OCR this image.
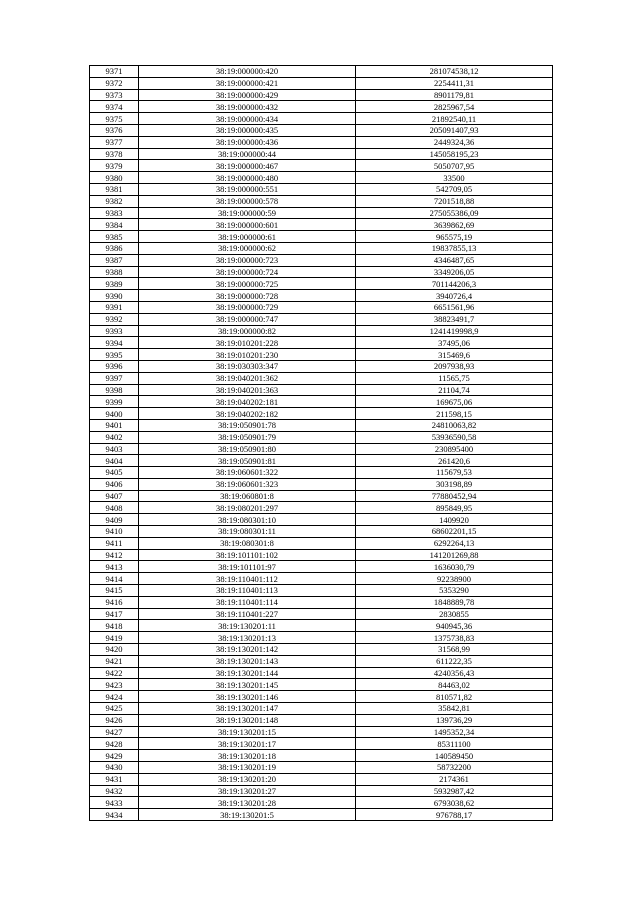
9371	38:19:000000:420	281074538,12
9372	38:19:000000:421	2254411,31
9373	38:19:000000:429	8901179,81
9374	38:19:000000:432	2825967,54
9375	38:19:000000:434	21892540,11
9376	38:19:000000:435	205091407,93
9377	38:19:000000:436	2449324,36
9378	38:19:000000:44	145058195,23
9379	38:19:000000:467	5050707,95
9380	38:19:000000:480	33500
9381	38:19:000000:551	542709,05
9382	38:19:000000:578	7201518,88
9383	38:19:000000:59	275055386,09
9384	38:19:000000:601	3639862,69
9385	38:19:000000:61	965575,19
9386	38:19:000000:62	19837855,13
9387	38:19:000000:723	4346487,65
9388	38:19:000000:724	3349206,05
9389	38:19:000000:725	701144206,3
9390	38:19:000000:728	3940726,4
9391	38:19:000000:729	6651561,96
9392	38:19:000000:747	38823491,7
9393	38:19:000000:82	1241419998,9
9394	38:19:010201:228	37495,06
9395	38:19:010201:230	315469,6
9396	38:19:030303:347	2097938,93
9397	38:19:040201:362	11565,75
9398	38:19:040201:363	21104,74
9399	38:19:040202:181	169675,06
9400	38:19:040202:182	211598,15
9401	38:19:050901:78	24810063,82
9402	38:19:050901:79	53936590,58
9403	38:19:050901:80	230895400
9404	38:19:050901:81	261420,6
9405	38:19:060601:322	115679,53
9406	38:19:060601:323	303198,89
9407	38:19:060801:8	77880452,94
9408	38:19:080201:297	895849,95
9409	38:19:080301:10	1409920
9410	38:19:080301:11	68602201,15
9411	38:19:080301:8	6292264,13
9412	38:19:101101:102	141201269,88
9413	38:19:101101:97	1636030,79
9414	38:19:110401:112	92238900
9415	38:19:110401:113	5353290
9416	38:19:110401:114	1848889,78
9417	38:19:110401:227	2830855
9418	38:19:130201:11	940945,36
9419	38:19:130201:13	1375738,83
9420	38:19:130201:142	31568,99
9421	38:19:130201:143	611222,35
9422	38:19:130201:144	4240356,43
9423	38:19:130201:145	84463,02
9424	38:19:130201:146	810571,82
9425	38:19:130201:147	35842,81
9426	38:19:130201:148	139736,29
9427	38:19:130201:15	1495352,34
9428	38:19:130201:17	85311100
9429	38:19:130201:18	140589450
9430	38:19:130201:19	58732200
9431	38:19:130201:20	2174361
9432	38:19:130201:27	5932987,42
9433	38:19:130201:28	6793038,62
9434	38:19:130201:5	976788,17
